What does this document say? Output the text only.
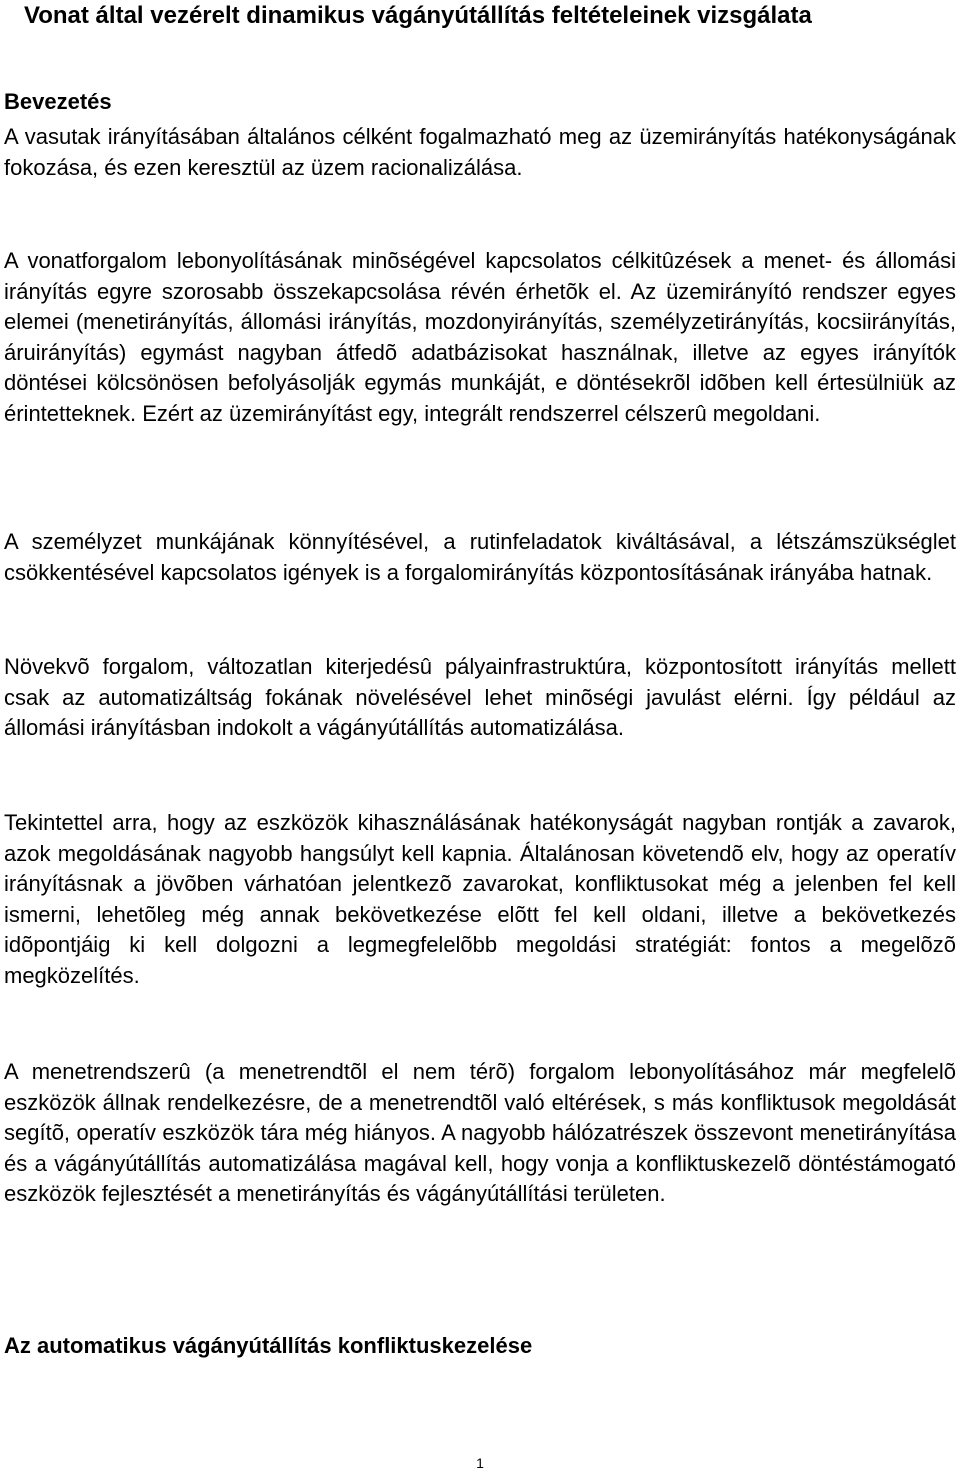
Vonat által vezérelt dinamikus vágányútállítás feltételeinek vizsgálata
Bevezetés

A vasutak irányításában általános célként fogalmazható meg az üzemirányítás hatékonyságának fokozása, és ezen keresztül az üzem racionalizálása.

A vonatforgalom lebonyolításának minõségével kapcsolatos célkitûzések a menet- és állomási irányítás egyre szorosabb összekapcsolása révén érhetõk el. Az üzemirányító rendszer egyes elemei (menetirányítás, állomási irányítás, mozdonyirányítás, személyzetirányítás, kocsiirányítás, áruirányítás) egymást nagyban átfedõ adatbázisokat használnak, illetve az egyes irányítók döntései kölcsönösen befolyásolják egymás munkáját, e döntésekrõl idõben kell értesülniük az érintetteknek. Ezért az üzemirányítást egy, integrált rendszerrel célszerû megoldani.

A személyzet munkájának könnyítésével, a rutinfeladatok kiváltásával, a létszámszükséglet csökkentésével kapcsolatos igények is a forgalomirányítás központosításának irányába hatnak.

Növekvõ forgalom, változatlan kiterjedésû pályainfrastruktúra, központosított irányítás mellett csak az automatizáltság fokának növelésével lehet minõségi javulást elérni. Így például az állomási irányításban indokolt a vágányútállítás automatizálása.

Tekintettel arra, hogy az eszközök kihasználásának hatékonyságát nagyban rontják a zavarok, azok megoldásának nagyobb hangsúlyt kell kapnia. Általánosan követendõ elv, hogy az operatív irányításnak a jövõben várhatóan jelentkezõ zavarokat, konfliktusokat még a jelenben fel kell ismerni, lehetõleg még annak bekövetkezése elõtt fel kell oldani, illetve a bekövetkezés idõpontjáig ki kell dolgozni a legmegfelelõbb megoldási stratégiát: fontos a megelõzõ megközelítés.

A menetrendszerû (a menetrendtõl el nem térõ) forgalom lebonyolításához már megfelelõ eszközök állnak rendelkezésre, de a menetrendtõl való eltérések, s más konfliktusok megoldását segítõ, operatív eszközök tára még hiányos. A nagyobb hálózatrészek összevont menetirányítása és a vágányútállítás automatizálása magával kell, hogy vonja a konfliktuskezelõ döntéstámogató eszközök fejlesztését a menetirányítás és vágányútállítási területen.

Az automatikus vágányútállítás konfliktuskezelése
1
